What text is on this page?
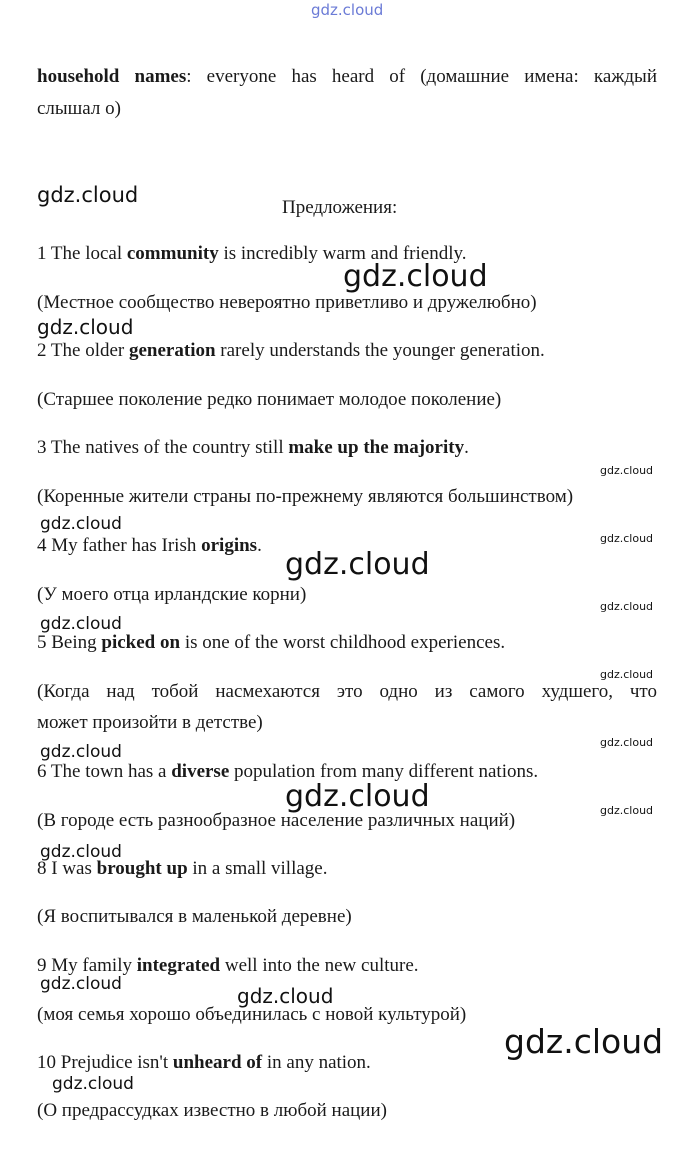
household names: everyone has heard of (домашние имена: каждый
слышал о)
Предложения:
1 The local community is incredibly warm and friendly.
(Местное сообщество невероятно приветливо и дружелюбно)
2 The older generation rarely understands the younger generation.
(Старшее поколение редко понимает молодое поколение)
3 The natives of the country still make up the majority.
(Коренные жители страны по-прежнему являются большинством)
4 My father has Irish origins.
(У моего отца ирландские корни)
5 Being picked on is one of the worst childhood experiences.
(Когда над тобой насмехаются это одно из самого худшего, что
может произойти в детстве)
6 The town has a diverse population from many different nations.
(В городе есть разнообразное население различных наций)
8 I was brought up in a small village.
(Я воспитывался в маленькой деревне)
9 My family integrated well into the new culture.
(моя семья хорошо объединилась с новой культурой)
10 Prejudice isn't unheard of in any nation.
(О предрассудках известно в любой нации)
gdz.cloud
gdz.cloud
gdz.cloud
gdz.cloud
gdz.cloud
gdz.cloud
gdz.cloud
gdz.cloud
gdz.cloud
gdz.cloud
gdz.cloud
gdz.cloud	gdz.cloud
gdz.cloud	gdz.cloud
gdz.cloud
gdz.cloud	gdz.cloud
gdz.cloud
gdz.cloud
